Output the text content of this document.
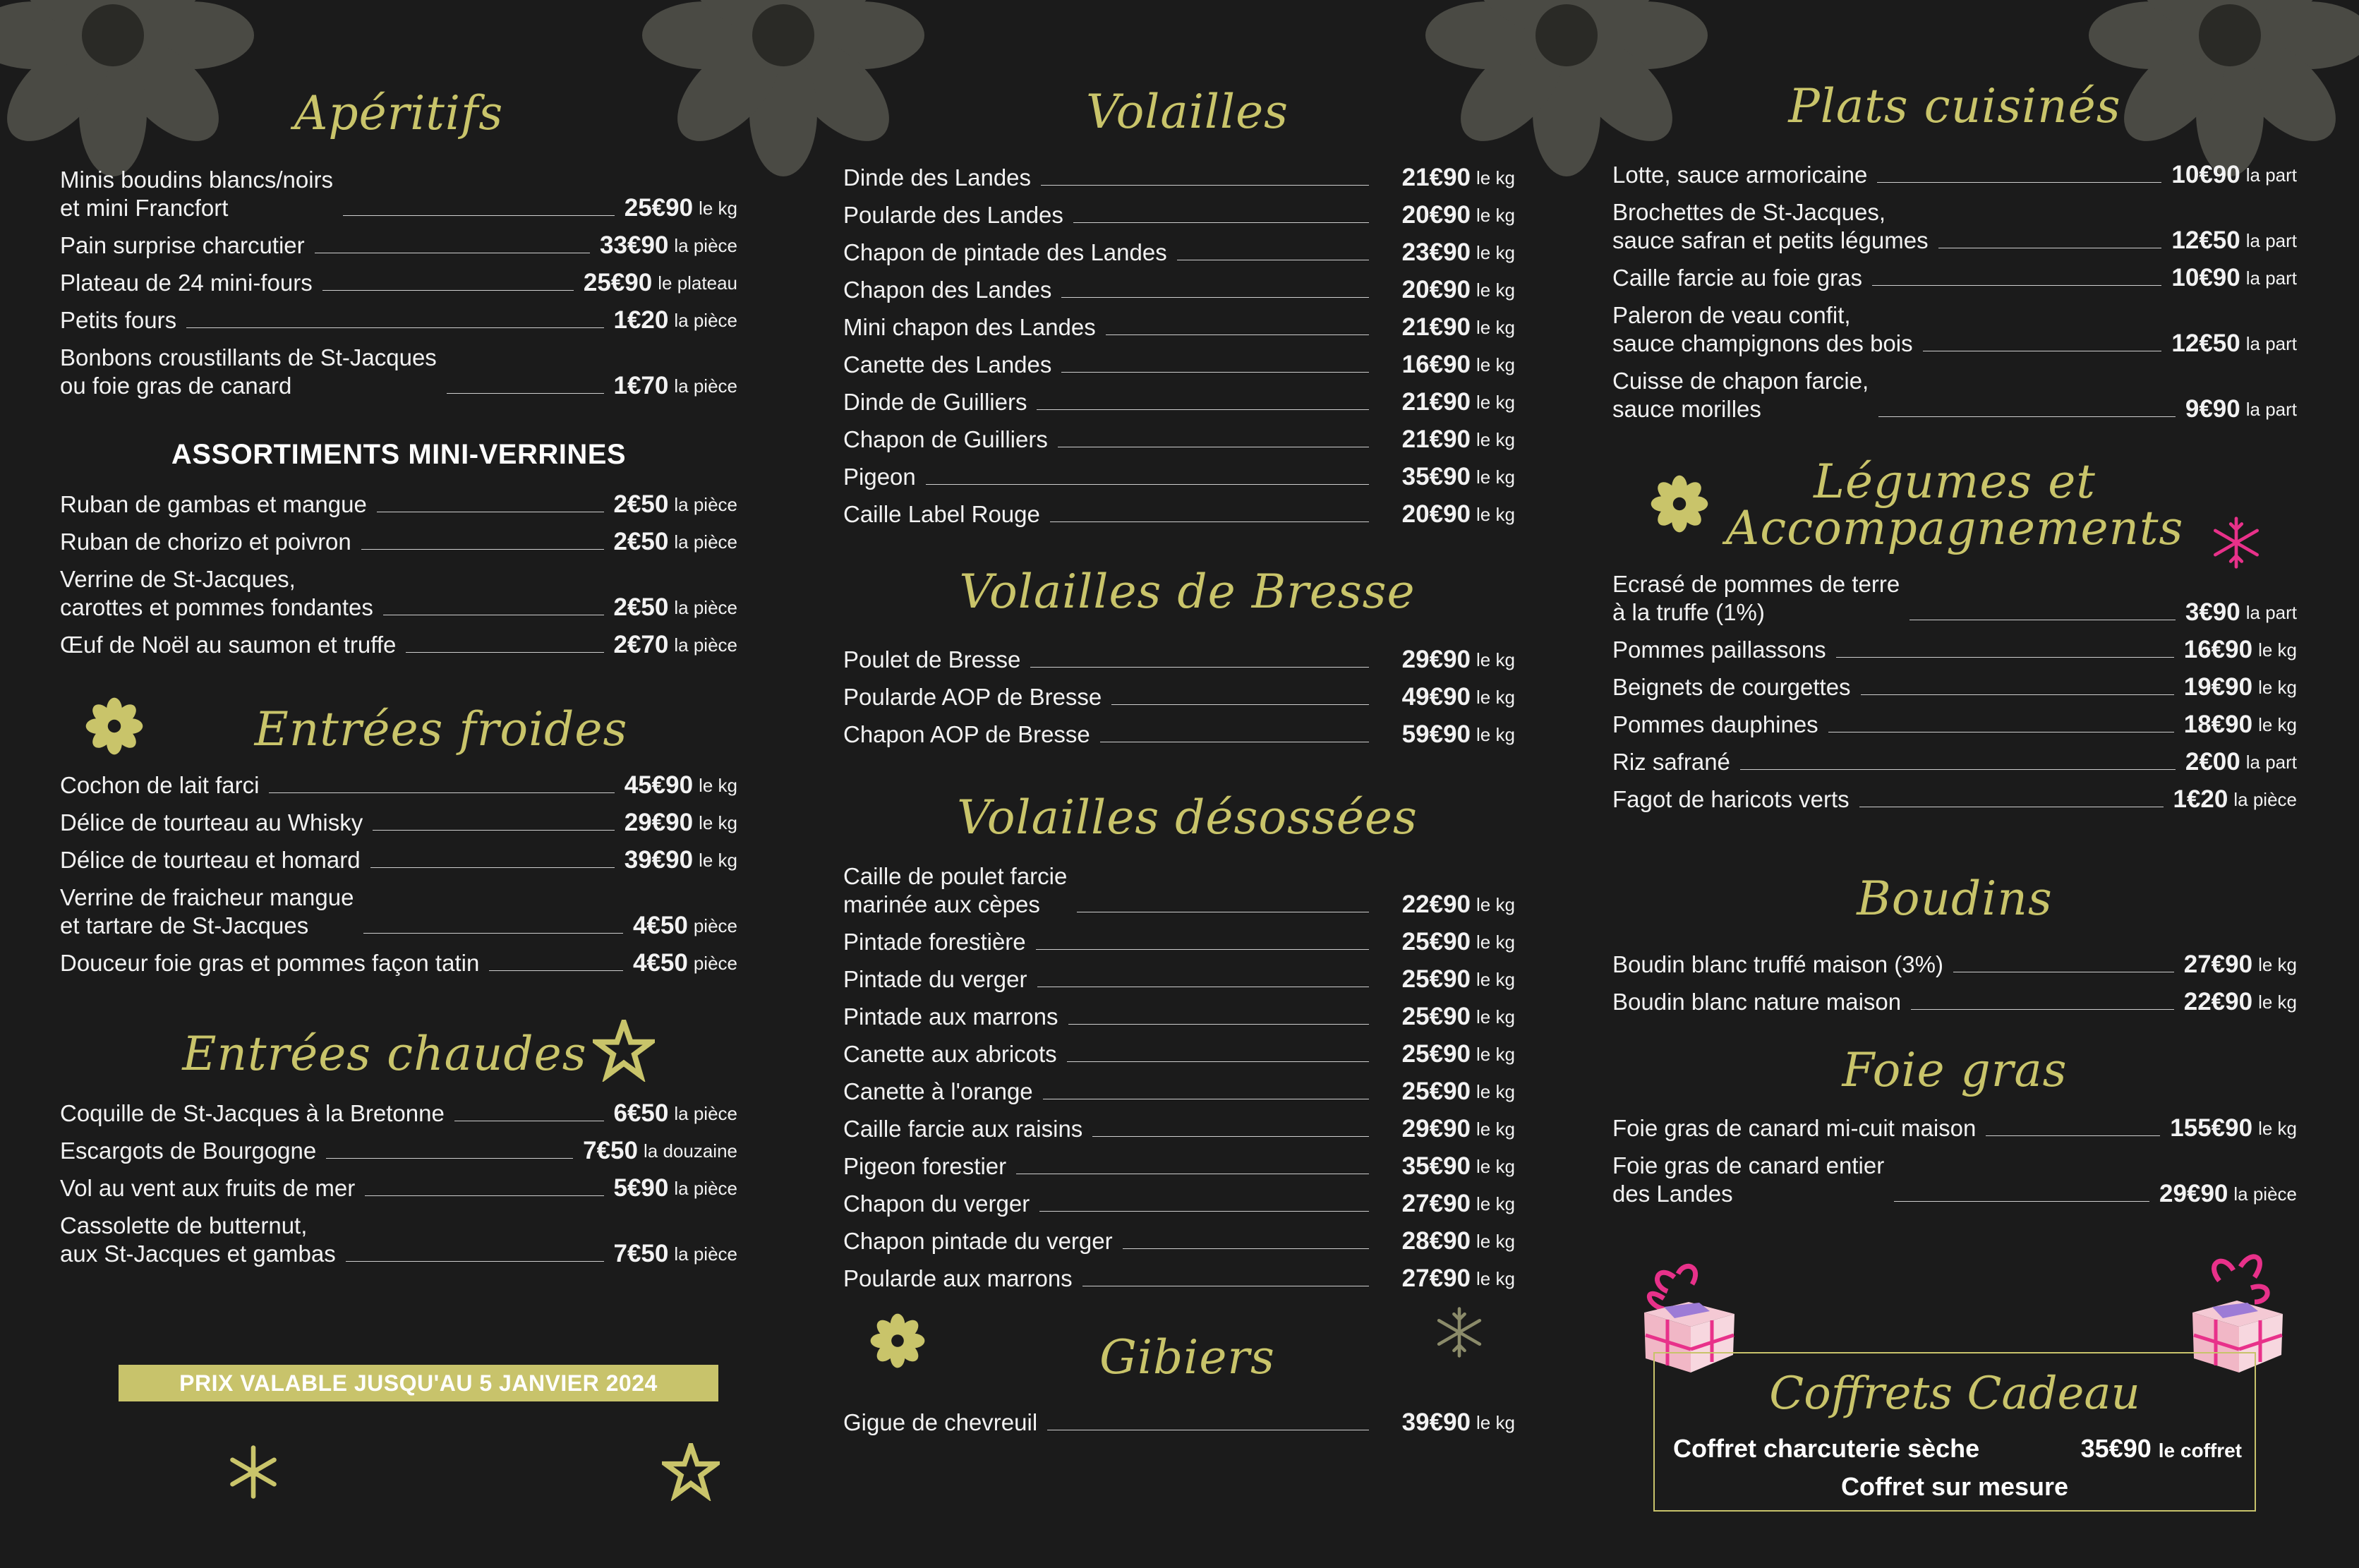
Apéritifs
Minis boudins blancs/noirs
et mini Francfort	25€90 le kg
Pain surprise charcutier	33€90 la pièce
Plateau de 24 mini-fours	25€90 le plateau
Petits fours	1€20 la pièce
Bonbons croustillants de St-Jacques
ou foie gras de canard	1€70 la pièce
ASSORTIMENTS MINI-VERRINES
Ruban de gambas et mangue	2€50 la pièce
Ruban de chorizo et poivron	2€50 la pièce
Verrine de St-Jacques,
carottes et pommes fondantes	2€50 la pièce
Œuf de Noël au saumon et truffe	2€70 la pièce
Entrées froides
Cochon de lait farci	45€90 le kg
Délice de tourteau au Whisky	29€90 le kg
Délice de tourteau et homard	39€90 le kg
Verrine de fraicheur mangue
et tartare de St-Jacques	4€50 pièce
Douceur foie gras et pommes façon tatin	4€50 pièce
Entrées chaudes
Coquille de St-Jacques à la Bretonne	6€50 la pièce
Escargots de Bourgogne	7€50 la douzaine
Vol au vent aux fruits de mer	5€90 la pièce
Cassolette de butternut,
aux St-Jacques et gambas	7€50 la pièce
PRIX VALABLE JUSQU'AU 5 JANVIER 2024
Volailles
Dinde des Landes	21€90 le kg
Poularde des Landes	20€90 le kg
Chapon de pintade des Landes	23€90 le kg
Chapon des Landes	20€90 le kg
Mini chapon des Landes	21€90 le kg
Canette des Landes	16€90 le kg
Dinde de Guilliers	21€90 le kg
Chapon de Guilliers	21€90 le kg
Pigeon	35€90 le kg
Caille Label Rouge	20€90 le kg
Volailles de Bresse
Poulet de Bresse	29€90 le kg
Poularde AOP de Bresse	49€90 le kg
Chapon AOP de Bresse	59€90 le kg
Volailles désossées
Caille de poulet farcie
marinée aux cèpes	22€90 le kg
Pintade forestière	25€90 le kg
Pintade du verger	25€90 le kg
Pintade aux marrons	25€90 le kg
Canette aux abricots	25€90 le kg
Canette à l'orange	25€90 le kg
Caille farcie aux raisins	29€90 le kg
Pigeon forestier	35€90 le kg
Chapon du verger	27€90 le kg
Chapon pintade du verger	28€90 le kg
Poularde aux marrons	27€90 le kg
Gibiers
Gigue de chevreuil	39€90 le kg
Plats cuisinés
Lotte, sauce armoricaine	10€90 la part
Brochettes de St-Jacques,
sauce safran et petits légumes	12€50 la part
Caille farcie au foie gras	10€90 la part
Paleron de veau confit,
sauce champignons des bois	12€50 la part
Cuisse de chapon farcie,
sauce morilles	9€90 la part
Légumes et
Accompagnements
Ecrasé de pommes de terre
à la truffe (1%)	3€90 la part
Pommes paillassons	16€90 le kg
Beignets de courgettes	19€90 le kg
Pommes dauphines	18€90 le kg
Riz safrané	2€00 la part
Fagot de haricots verts	1€20 la pièce
Boudins
Boudin blanc truffé maison (3%)	27€90 le kg
Boudin blanc nature maison	22€90 le kg
Foie gras
Foie gras de canard mi-cuit maison	155€90 le kg
Foie gras de canard entier
des Landes	29€90 la pièce
Coffrets Cadeau
Coffret charcuterie sèche	35€90 le coffret
Coffret sur mesure
